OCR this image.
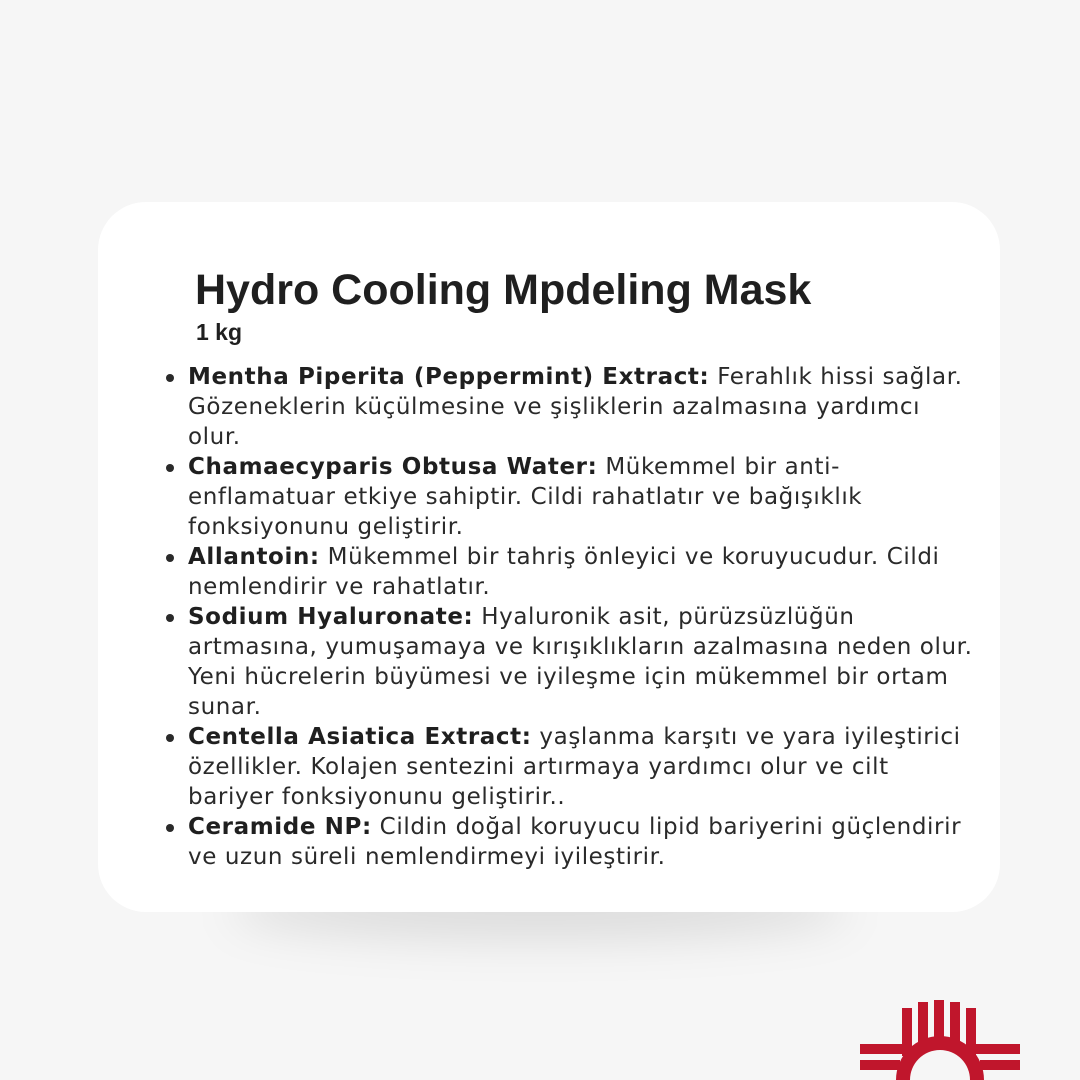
Hydro Cooling Mpdeling Mask
1 kg
Mentha Piperita (Peppermint) Extract: Ferahlık hissi sağlar. Gözeneklerin küçülmesine ve şişliklerin azalmasına yardımcı olur.
Chamaecyparis Obtusa Water: Mükemmel bir anti-enflamatuar etkiye sahiptir. Cildi rahatlatır ve bağışıklık fonksiyonunu geliştirir.
Allantoin: Mükemmel bir tahriş önleyici ve koruyucudur. Cildi nemlendirir ve rahatlatır.
Sodium Hyaluronate: Hyaluronik asit, pürüzsüzlüğün artmasına, yumuşamaya ve kırışıklıkların azalmasına neden olur. Yeni hücrelerin büyümesi ve iyileşme için mükemmel bir ortam sunar.
Centella Asiatica Extract: yaşlanma karşıtı ve yara iyileştirici özellikler. Kolajen sentezini artırmaya yardımcı olur ve cilt bariyer fonksiyonunu geliştirir..
Ceramide NP: Cildin doğal koruyucu lipid bariyerini güçlendirir ve uzun süreli nemlendirmeyi iyileştirir.
